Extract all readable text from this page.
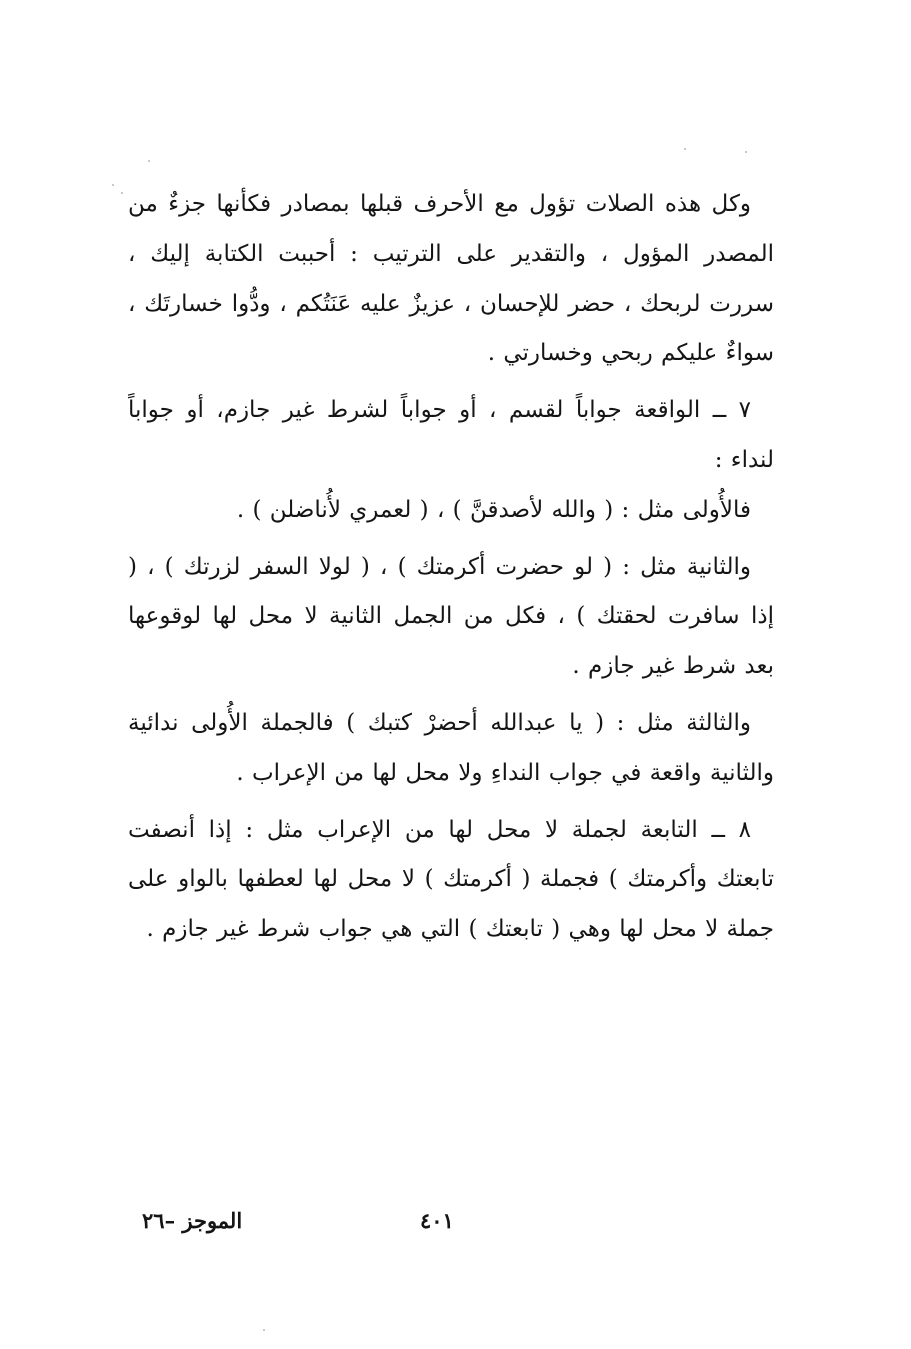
وكل هذه الصلات تؤول مع الأحرف قبلها بمصادر فكأنها جزءٌ من المصدر المؤول ، والتقدير على الترتيب : أحببت الكتابة إليك ، سررت لربحك ، حضر للإحسان ، عزيزٌ عليه عَنَتُكم ، ودُّوا خسارتَك ، سواءٌ عليكم ربحي وخسارتي .

٧ ــ الواقعة جواباً لقسم ، أو جواباً لشرط غير جازم، أو جواباً لنداء :

فالأُولى مثل : ( والله لأصدقنَّ ) ، ( لعمري لأُناضلن ) .

والثانية مثل : ( لو حضرت أكرمتك ) ، ( لولا السفر لزرتك ) ، ( إذا سافرت لحقتك ) ، فكل من الجمل الثانية لا محل لها لوقوعها بعد شرط غير جازم .

والثالثة مثل : ( يا عبدالله أحضرْ كتبك ) فالجملة الأُولى ندائية والثانية واقعة في جواب النداءِ ولا محل لها من الإعراب .

٨ ــ التابعة لجملة لا محل لها من الإعراب مثل : إذا أنصفت تابعتك وأكرمتك ) فجملة ( أكرمتك ) لا محل لها لعطفها بالواو على جملة لا محل لها وهي ( تابعتك ) التي هي جواب شرط غير جازم .

٤٠١
الموجز –٢٦
